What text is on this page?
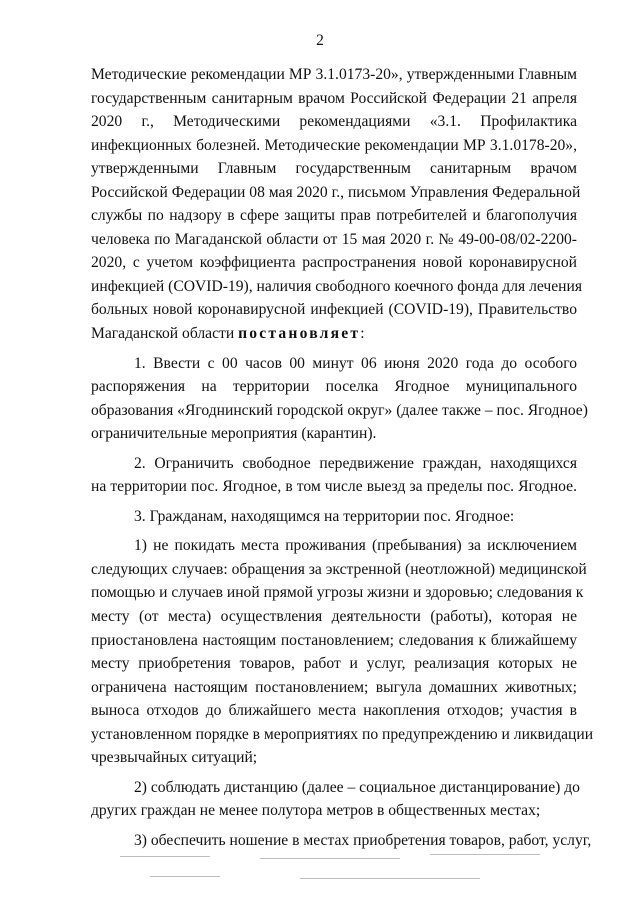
2
Методические рекомендации МР 3.1.0173-20», утвержденными Главным
государственным санитарным врачом Российской Федерации 21 апреля
2020 г., Методическими рекомендациями «3.1. Профилактика
инфекционных болезней. Методические рекомендации МР 3.1.0178-20»,
утвержденными Главным государственным санитарным врачом
Российской Федерации 08 мая 2020 г., письмом Управления Федеральной
службы по надзору в сфере защиты прав потребителей и благополучия
человека по Магаданской области от 15 мая 2020 г. № 49-00-08/02-2200-
2020, с учетом коэффициента распространения новой коронавирусной
инфекцией (COVID-19), наличия свободного коечного фонда для лечения
больных новой коронавирусной инфекцией (COVID-19), Правительство
Магаданской области постановляет:
1. Ввести с 00 часов 00 минут 06 июня 2020 года до особого
распоряжения на территории поселка Ягодное муниципального
образования «Ягоднинский городской округ» (далее также – пос. Ягодное)
ограничительные мероприятия (карантин).
2. Ограничить свободное передвижение граждан, находящихся
на территории пос. Ягодное, в том числе выезд за пределы пос. Ягодное.
3. Гражданам, находящимся на территории пос. Ягодное:
1) не покидать места проживания (пребывания) за исключением
следующих случаев: обращения за экстренной (неотложной) медицинской
помощью и случаев иной прямой угрозы жизни и здоровью; следования к
месту (от места) осуществления деятельности (работы), которая не
приостановлена настоящим постановлением; следования к ближайшему
месту приобретения товаров, работ и услуг, реализация которых не
ограничена настоящим постановлением; выгула домашних животных;
выноса отходов до ближайшего места накопления отходов; участия в
установленном порядке в мероприятиях по предупреждению и ликвидации
чрезвычайных ситуаций;
2) соблюдать дистанцию (далее – социальное дистанцирование) до
других граждан не менее полутора метров в общественных местах;
3) обеспечить ношение в местах приобретения товаров, работ, услуг,
